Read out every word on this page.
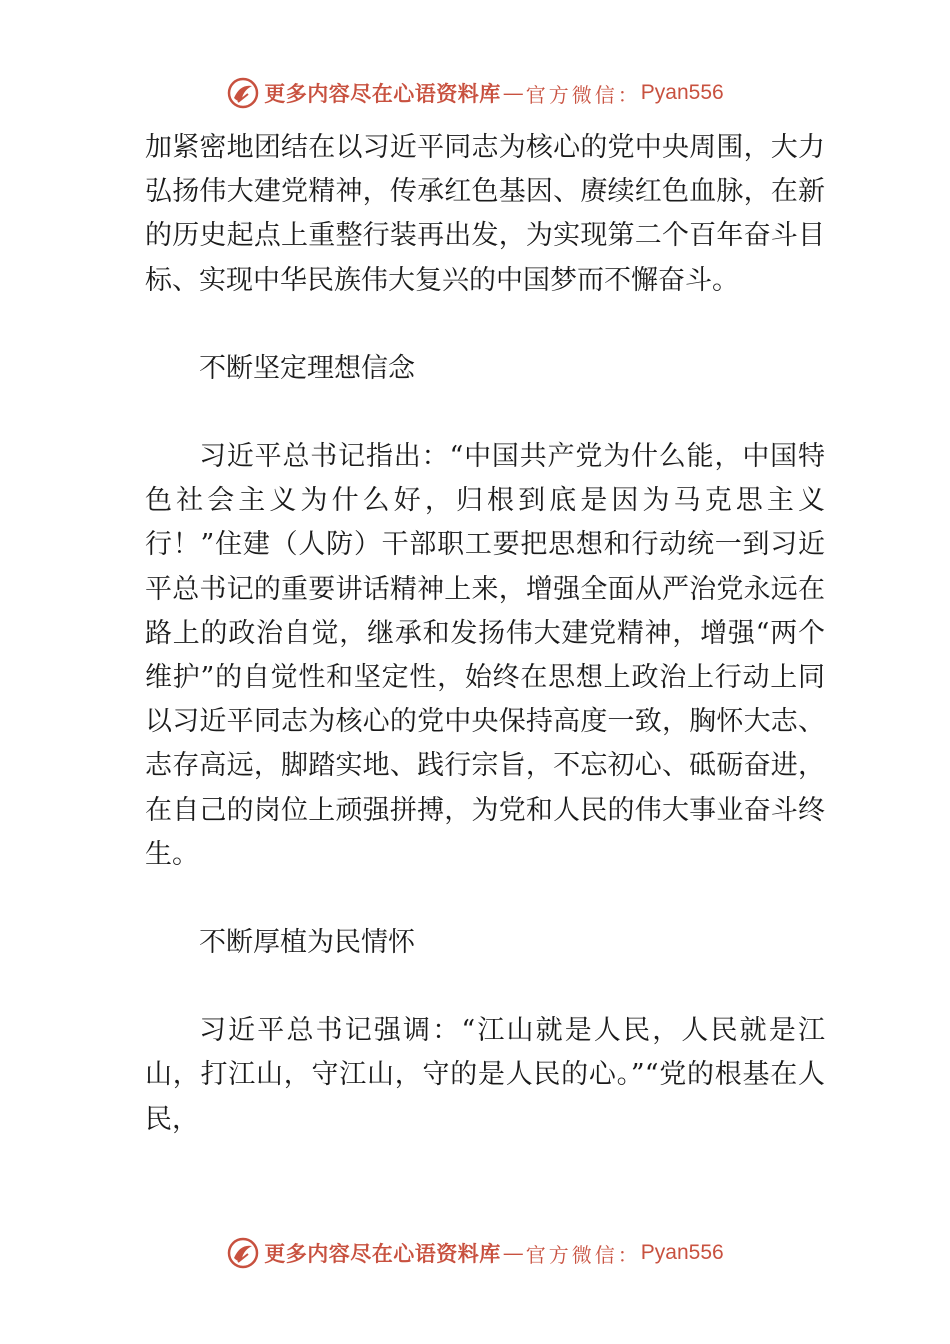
更多内容尽在心语资料库 — 官方微信： Pyan556

加紧密地团结在以习近平同志为核心的党中央周围，大力弘扬伟大建党精神，传承红色基因、赓续红色血脉，在新的历史起点上重整行装再出发，为实现第二个百年奋斗目标、实现中华民族伟大复兴的中国梦而不懈奋斗。

不断坚定理想信念

习近平总书记指出：“中国共产党为什么能，中国特色社会主义为什么好，归根到底是因为马克思主义行！”住建（人防）干部职工要把思想和行动统一到习近平总书记的重要讲话精神上来，增强全面从严治党永远在路上的政治自觉，继承和发扬伟大建党精神，增强“两个维护”的自觉性和坚定性，始终在思想上政治上行动上同以习近平同志为核心的党中央保持高度一致，胸怀大志、志存高远，脚踏实地、践行宗旨，不忘初心、砥砺奋进，在自己的岗位上顽强拼搏，为党和人民的伟大事业奋斗终生。

不断厚植为民情怀

习近平总书记强调：“江山就是人民，人民就是江山，打江山，守江山，守的是人民的心。”“党的根基在人民，

更多内容尽在心语资料库 — 官方微信： Pyan556
